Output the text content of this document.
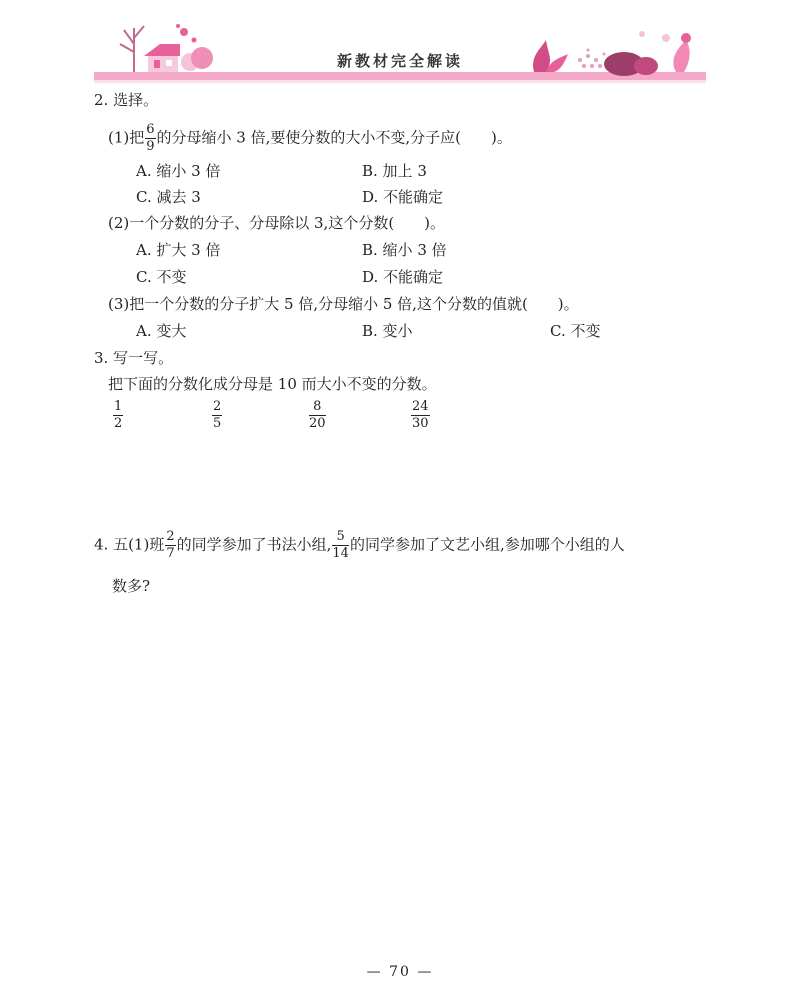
新教材完全解读
2. 选择。
(1)把 $\frac{6}{9}$ 的分母缩小 3 倍,要使分数的大小不变,分子应(　　)。
A. 缩小 3 倍	B. 加上 3
C. 减去 3	D. 不能确定
(2)一个分数的分子、分母除以 3,这个分数(　　)。
A. 扩大 3 倍	B. 缩小 3 倍
C. 不变	D. 不能确定
(3)把一个分数的分子扩大 5 倍,分母缩小 5 倍,这个分数的值就(　　)。
A. 变大	B. 变小	C. 不变
3. 写一写。
把下面的分数化成分母是 10 而大小不变的分数。
$\frac{1}{2}$	$\frac{2}{5}$	$\frac{8}{20}$	$\frac{24}{30}$
4. 五(1)班 $\frac{2}{7}$ 的同学参加了书法小组, $\frac{5}{14}$ 的同学参加了文艺小组,参加哪个小组的人
数多?
— 70 —
